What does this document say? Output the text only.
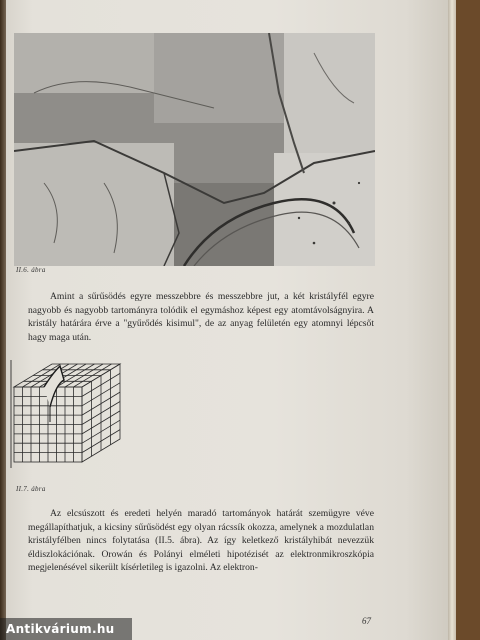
II.6. ábra

Amint a sűrűsödés egyre messzebbre és messzebbre jut, a két kristályfél egyre nagyobb és nagyobb tartományra tolódik el egymáshoz képest egy atomtávolságnyira. A kristály határára érve a "gyűrődés kisimul", de az anyag felületén egy atomnyi lépcsőt hagy maga után.

II.7. ábra

Az elcsúszott és eredeti helyén maradó tartományok határát szemügyre véve megállapíthatjuk, a kicsiny sűrűsödést egy olyan rácssík okozza, amelynek a mozdulatlan kristályfélben nincs folytatása (II.5. ábra). Az így keletkező kristályhibát nevezzük éldiszlokációnak. Orowán és Polányi elméleti hipotézisét az elektronmikroszkópia megjelenésével sikerült kísérletileg is igazolni. Az elektron-

67
Antikvárium.hu
